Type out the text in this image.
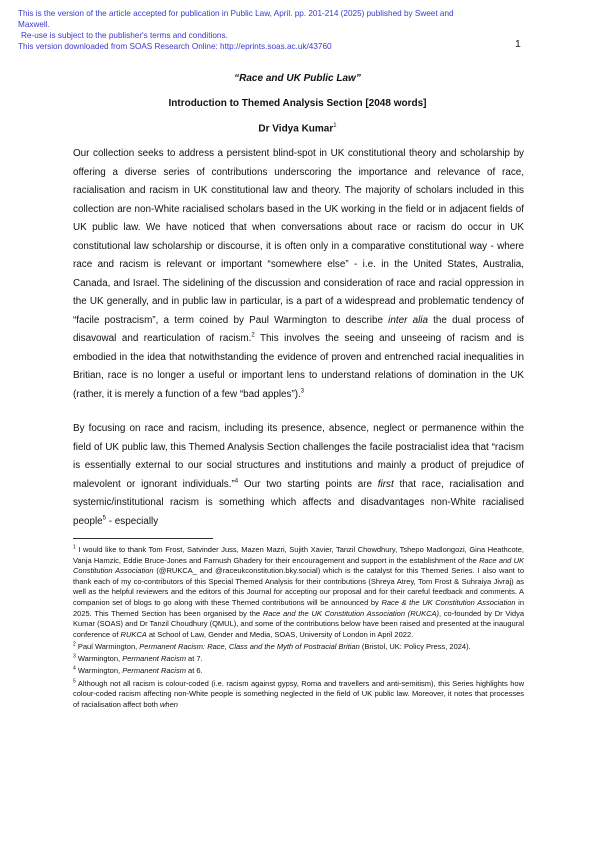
This is the version of the article accepted for publication in Public Law, April. pp. 201-214 (2025) published by Sweet and Maxwell.
Re-use is subject to the publisher's terms and conditions.
This version downloaded from SOAS Research Online: http://eprints.soas.ac.uk/43760	1
“Race and UK Public Law”
Introduction to Themed Analysis Section [2048 words]
Dr Vidya Kumar$^1$
Our collection seeks to address a persistent blind-spot in UK constitutional theory and scholarship by offering a diverse series of contributions underscoring the importance and relevance of race, racialisation and racism in UK constitutional law and theory. The majority of scholars included in this collection are non-White racialised scholars based in the UK working in the field or in adjacent fields of UK public law. We have noticed that when conversations about race or racism do occur in UK constitutional law scholarship or discourse, it is often only in a comparative constitutional way - where race and racism is relevant or important “somewhere else” - i.e. in the United States, Australia, Canada, and Israel. The sidelining of the discussion and consideration of race and racial oppression in the UK generally, and in public law in particular, is a part of a widespread and problematic tendency of “facile postracism”, a term coined by Paul Warmington to describe inter alia the dual process of disavowal and rearticulation of racism.$^2$ This involves the seeing and unseeing of racism and is embodied in the idea that notwithstanding the evidence of proven and entrenched racial inequalities in Britian, race is no longer a useful or important lens to understand relations of domination in the UK (rather, it is merely a function of a few “bad apples”).$^3$
By focusing on race and racism, including its presence, absence, neglect or permanence within the field of UK public law, this Themed Analysis Section challenges the facile postracialist idea that “racism is essentially external to our social structures and institutions and mainly a product of prejudice of malevolent or ignorant individuals.”$^4$ Our two starting points are first that race, racialisation and systemic/institutional racism is something which affects and disadvantages non-White racialised people$^5$ - especially
$^1$ I would like to thank Tom Frost, Satvinder Juss, Mazen Mazri, Sujith Xavier, Tanzil Chowdhury, Tshepo Madlongozi, Gina Heathcote, Vanja Hamzic, Eddie Bruce-Jones and Farnush Ghadery for their encouragement and support in the establishment of the Race and UK Constitution Association (@RUKCA_ and @raceukconstitution.bky.social) which is the catalyst for this Themed Series. I also want to thank each of my co-contributors of this Special Themed Analysis for their contributions (Shreya Atrey, Tom Frost & Suhraiya Jivraj) as well as the helpful reviewers and the editors of this Journal for accepting our proposal and for their careful feedback and comments. A companion set of blogs to go along with these Themed contributions will be announced by Race & the UK Constitution Association in 2025. This Themed Section has been organised by the Race and the UK Constitution Association (RUKCA), co-founded by Dr Vidya Kumar (SOAS) and Dr Tanzil Choudhury (QMUL), and some of the contributions below have been raised and presented at the inaugural conference of RUKCA at School of Law, Gender and Media, SOAS, University of London in April 2022.
$^2$ Paul Warmington, Permanent Racism: Race, Class and the Myth of Postracial Britian (Bristol, UK: Policy Press, 2024).
$^3$ Warmington, Permanent Racism at 7.
$^4$ Warmington, Permanent Racism at 6.
$^5$ Although not all racism is colour-coded (i.e. racism against gypsy, Roma and travellers and anti-semitism), this Series highlights how colour-coded racism affecting non-White people is something neglected in the field of UK public law. Moreover, it notes that processes of racialisation affect both when
